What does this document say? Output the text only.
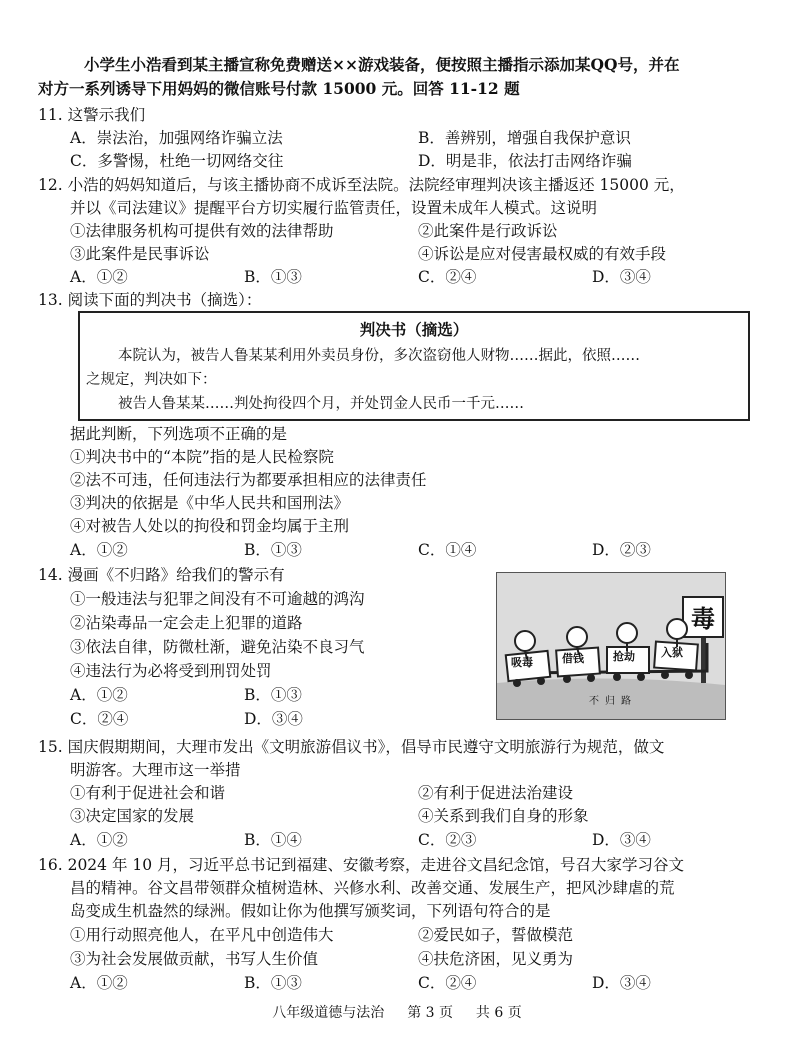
小学生小浩看到某主播宣称免费赠送××游戏装备，便按照主播指示添加某QQ号，并在
对方一系列诱导下用妈妈的微信账号付款 15000 元。回答 11-12 题
11. 这警示我们
A．崇法治，加强网络诈骗立法	B．善辨别，增强自我保护意识
C．多警惕，杜绝一切网络交往	D．明是非，依法打击网络诈骗
12. 小浩的妈妈知道后，与该主播协商不成诉至法院。法院经审理判决该主播返还 15000 元，
并以《司法建议》提醒平台方切实履行监管责任，设置未成年人模式。这说明
①法律服务机构可提供有效的法律帮助	②此案件是行政诉讼
③此案件是民事诉讼	④诉讼是应对侵害最权威的有效手段
A．①②	B．①③	C．②④	D．③④
13. 阅读下面的判决书（摘选）：
判决书（摘选）
本院认为，被告人鲁某某利用外卖员身份，多次盗窃他人财物……据此，依照……
之规定，判决如下：
被告人鲁某某……判处拘役四个月，并处罚金人民币一千元……
据此判断，下列选项不正确的是
①判决书中的“本院”指的是人民检察院
②法不可违，任何违法行为都要承担相应的法律责任
③判决的依据是《中华人民共和国刑法》
④对被告人处以的拘役和罚金均属于主刑
A．①②	B．①③	C．①④	D．②③
14. 漫画《不归路》给我们的警示有
①一般违法与犯罪之间没有不可逾越的鸿沟
②沾染毒品一定会走上犯罪的道路
③依法自律，防微杜渐，避免沾染不良习气
④违法行为必将受到刑罚处罚
A．①②	B．①③
C．②④	D．③④
毒
吸毒	借钱	抢劫 入狱
不归路
15. 国庆假期期间，大理市发出《文明旅游倡议书》，倡导市民遵守文明旅游行为规范，做文
明游客。大理市这一举措
①有利于促进社会和谐	②有利于促进法治建设
③决定国家的发展	④关系到我们自身的形象
A．①②	B．①④	C．②③	D．③④
16. 2024 年 10 月，习近平总书记到福建、安徽考察，走进谷文昌纪念馆，号召大家学习谷文
昌的精神。谷文昌带领群众植树造林、兴修水利、改善交通、发展生产，把风沙肆虐的荒
岛变成生机盎然的绿洲。假如让你为他撰写颁奖词，下列语句符合的是
①用行动照亮他人，在平凡中创造伟大	②爱民如子，誓做模范
③为社会发展做贡献，书写人生价值	④扶危济困，见义勇为
A．①②	B．①③	C．②④	D．③④
八年级道德与法治 第 3 页 共 6 页
